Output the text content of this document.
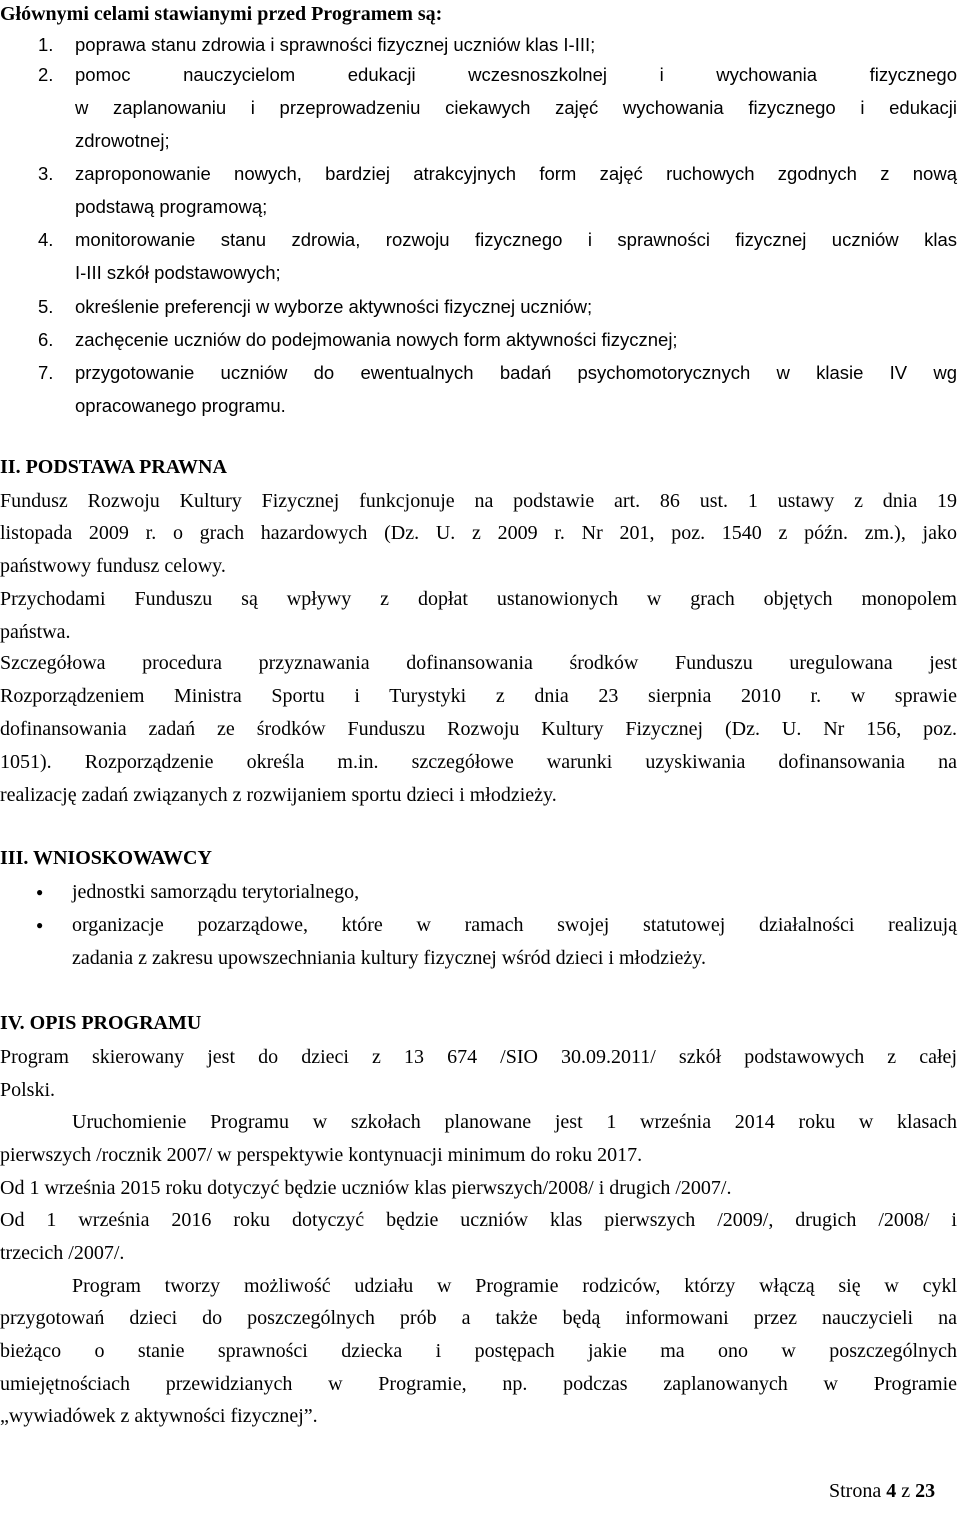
Głównymi celami stawianymi przed Programem są:
1. poprawa stanu zdrowia i sprawności fizycznej uczniów klas I-III;
2. pomoc nauczycielom edukacji wczesnoszkolnej i wychowania fizycznego
w zaplanowaniu i przeprowadzeniu ciekawych zajęć wychowania fizycznego i edukacji
zdrowotnej;
3. zaproponowanie nowych, bardziej atrakcyjnych form zajęć ruchowych zgodnych z nową
podstawą programową;
4. monitorowanie stanu zdrowia, rozwoju fizycznego i sprawności fizycznej uczniów klas
I-III szkół podstawowych;
5. określenie preferencji w wyborze aktywności fizycznej uczniów;
6. zachęcenie uczniów do podejmowania nowych form aktywności fizycznej;
7. przygotowanie uczniów do ewentualnych badań psychomotorycznych w klasie IV wg
opracowanego programu.
II. PODSTAWA PRAWNA
Fundusz Rozwoju Kultury Fizycznej funkcjonuje na podstawie art. 86 ust. 1 ustawy z dnia 19
listopada 2009 r. o grach hazardowych (Dz. U. z 2009 r. Nr 201, poz. 1540 z późn. zm.), jako
państwowy fundusz celowy.
Przychodami Funduszu są wpływy z dopłat ustanowionych w grach objętych monopolem
państwa.
Szczegółowa procedura przyznawania dofinansowania środków Funduszu uregulowana jest
Rozporządzeniem Ministra Sportu i Turystyki z dnia 23 sierpnia 2010 r. w sprawie
dofinansowania zadań ze środków Funduszu Rozwoju Kultury Fizycznej (Dz. U. Nr 156, poz.
1051). Rozporządzenie określa m.in. szczegółowe warunki uzyskiwania dofinansowania na
realizację zadań związanych z rozwijaniem sportu dzieci i młodzieży.
III. WNIOSKOWAWCY
● jednostki samorządu terytorialnego,
● organizacje pozarządowe, które w ramach swojej statutowej działalności realizują
zadania z zakresu upowszechniania kultury fizycznej wśród dzieci i młodzieży.
IV. OPIS PROGRAMU
Program skierowany jest do dzieci z 13 674 /SIO 30.09.2011/ szkół podstawowych z całej
Polski.
Uruchomienie Programu w szkołach planowane jest 1 września 2014 roku w klasach
pierwszych /rocznik 2007/ w perspektywie kontynuacji minimum do roku 2017.
Od 1 września 2015 roku dotyczyć będzie uczniów klas pierwszych/2008/ i drugich /2007/.
Od 1 września 2016 roku dotyczyć będzie uczniów klas pierwszych /2009/, drugich /2008/ i
trzecich /2007/.
Program tworzy możliwość udziału w Programie rodziców, którzy włączą się w cykl
przygotowań dzieci do poszczególnych prób a także będą informowani przez nauczycieli na
bieżąco o stanie sprawności dziecka i postępach jakie ma ono w poszczególnych
umiejętnościach przewidzianych w Programie, np. podczas zaplanowanych w Programie
„wywiadówek z aktywności fizycznej”.
Strona 4 z 23
